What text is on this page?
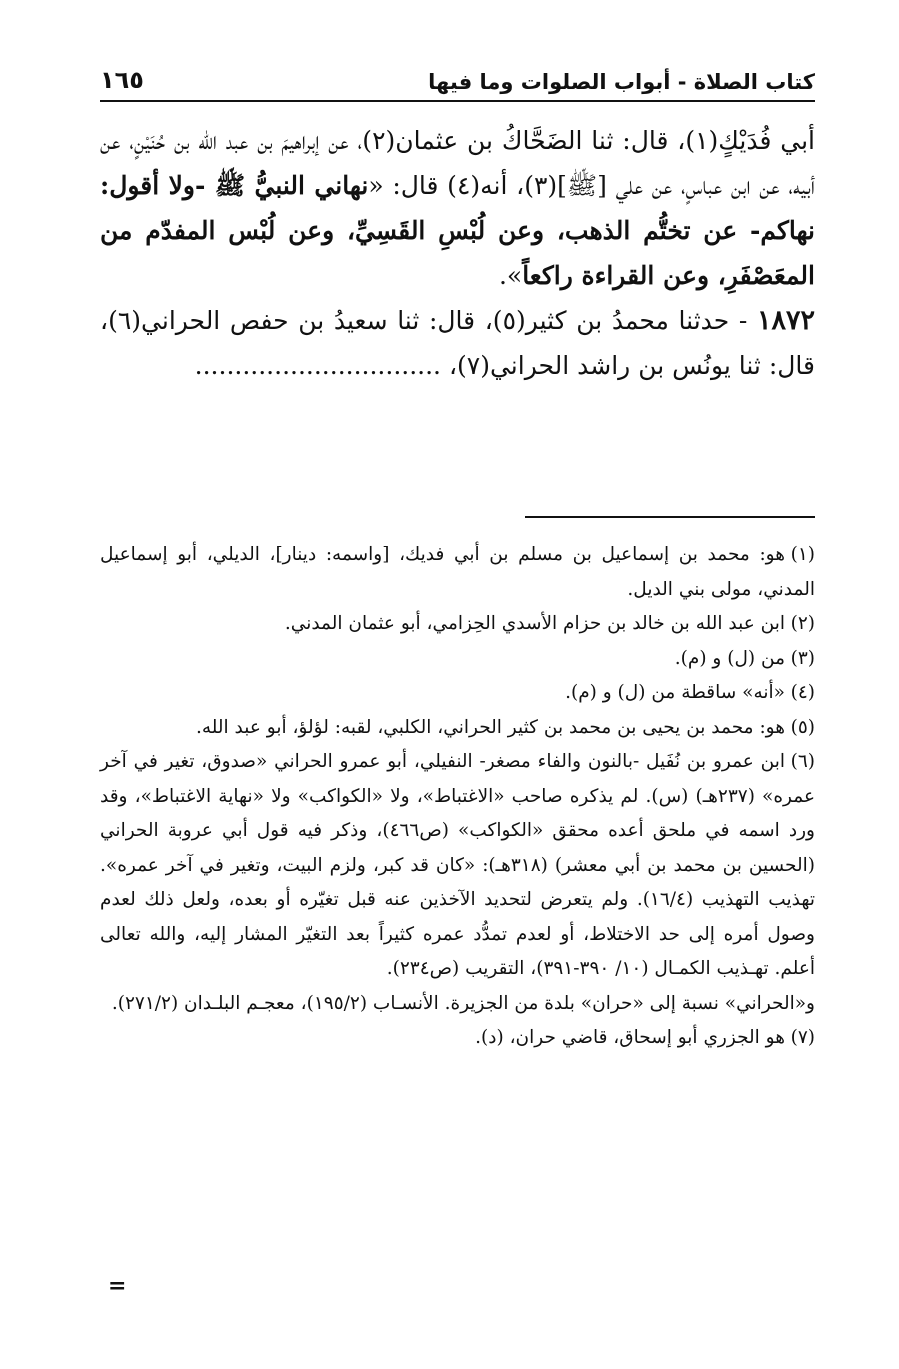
كتاب الصلاة - أبواب الصلوات وما فيها
١٦٥

أبي فُدَيْكٍ(١)، قال: ثنا الضَحَّاكُ بن عثمان(٢)، عن إبراهيمَ بن عبد الله بن حُنَيْنٍ، عن أبيه، عن ابن عباسٍ، عن علي [ﷺ](٣)، أنه(٤) قال: «نهاني النبيُّ ﷺ -ولا أقول: نهاكم- عن تختُّم الذهب، وعن لُبْسِ القَسِيِّ، وعن لُبْس المفدّم من المعَصْفَرِ، وعن القراءة راكعاً».

١٨٧٢ - حدثنا محمدُ بن كثير(٥)، قال: ثنا سعيدُ بن حفص الحراني(٦)، قال: ثنا يونُس بن راشد الحراني(٧)، ...............................

(١)هو: محمد بن إسماعيل بن مسلم بن أبي فديك، [واسمه: دينار]، الديلي، أبو إسماعيل المدني، مولى بني الديل.

(٢)ابن عبد الله بن خالد بن حزام الأسدي الحِزامي، أبو عثمان المدني.

(٣)من (ل) و (م).

(٤)«أنه» ساقطة من (ل) و (م).

(٥)هو: محمد بن يحيى بن محمد بن كثير الحراني، الكلبي، لقبه: لؤلؤ، أبو عبد الله.

(٦)ابن عمرو بن نُفَيل -بالنون والفاء مصغر- النفيلي، أبو عمرو الحراني «صدوق، تغير في آخر عمره» (٢٣٧هـ) (س). لم يذكره صاحب «الاغتباط»، ولا «الكواكب» ولا «نهاية الاغتباط»، وقد ورد اسمه في ملحق أعده محقق «الكواكب» (ص٤٦٦)، وذكر فيه قول أبي عروبة الحراني (الحسين بن محمد بن أبي معشر) (٣١٨هـ): «كان قد كبر، ولزم البيت، وتغير في آخر عمره». تهذيب التهذيب (١٦/٤). ولم يتعرض لتحديد الآخذين عنه قبل تغيّره أو بعده، ولعل ذلك لعدم وصول أمره إلى حد الاختلاط، أو لعدم تمدُّد عمره كثيراً بعد التغيّر المشار إليه، والله تعالى أعلم. تهـذيب الكمـال (١٠/ ٣٩٠-٣٩١)، التقريب (ص٢٣٤).

و«الحراني» نسبة إلى «حران» بلدة من الجزيرة. الأنسـاب (١٩٥/٢)، معجـم البلـدان (٢٧١/٢).

(٧)هو الجزري أبو إسحاق، قاضي حران، (د).

=
